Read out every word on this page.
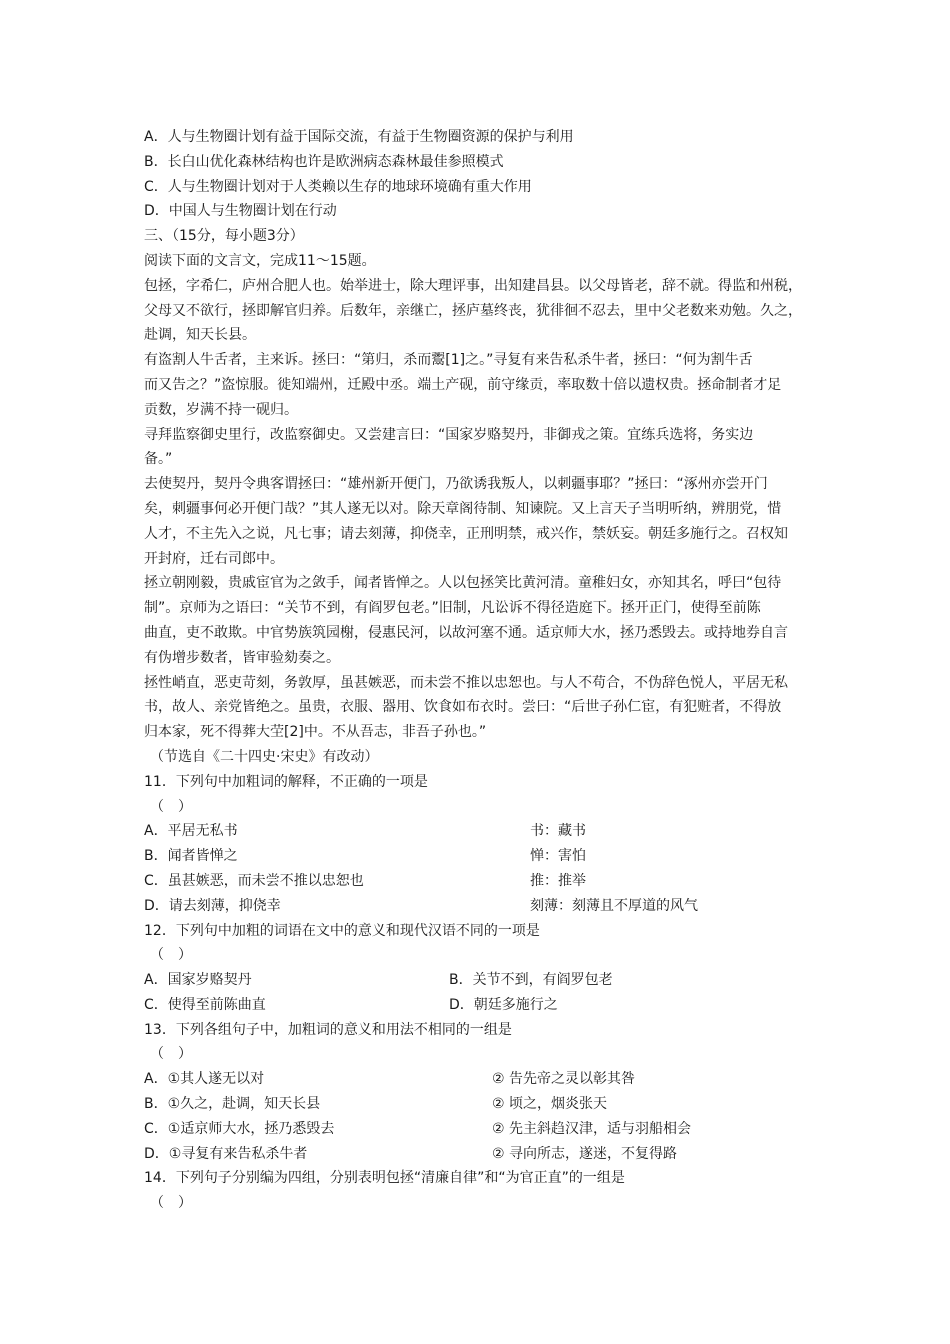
A．人与生物圈计划有益于国际交流，有益于生物圈资源的保护与利用
B．长白山优化森林结构也许是欧洲病态森林最佳参照模式
C．人与生物圈计划对于人类赖以生存的地球环境确有重大作用
D．中国人与生物圈计划在行动
三、（15分，每小题3分）
阅读下面的文言文，完成11～15题。
包拯，字希仁，庐州合肥人也。始举进士，除大理评事，出知建昌县。以父母皆老，辞不就。得监和州税，
父母又不欲行，拯即解官归养。后数年，亲继亡，拯庐墓终丧，犹徘徊不忍去，里中父老数来劝勉。久之，
赴调，知天长县。
有盗割人牛舌者，主来诉。拯曰：“第归，杀而鬻[1]之。”寻复有来告私杀牛者，拯曰：“何为割牛舌
而又告之？”盗惊服。徙知端州，迁殿中丞。端土产砚，前守缘贡，率取数十倍以遗权贵。拯命制者才足
贡数，岁满不持一砚归。
寻拜监察御史里行，改监察御史。又尝建言曰：“国家岁赂契丹，非御戎之策。宜练兵选将，务实边
备。”
去使契丹，契丹令典客谓拯曰：“雄州新开便门，乃欲诱我叛人，以刺疆事耶？”拯曰：“涿州亦尝开门
矣，刺疆事何必开便门哉？”其人遂无以对。除天章阁待制、知谏院。又上言天子当明听纳，辨朋党，惜
人才，不主先入之说，凡七事；请去刻薄，抑侥幸，正刑明禁，戒兴作，禁妖妄。朝廷多施行之。召权知
开封府，迁右司郎中。
拯立朝刚毅，贵戚宦官为之敛手，闻者皆惮之。人以包拯笑比黄河清。童稚妇女，亦知其名，呼曰“包待
制”。京师为之语曰：“关节不到，有阎罗包老。”旧制，凡讼诉不得径造庭下。拯开正门，使得至前陈
曲直，吏不敢欺。中官势族筑园榭，侵惠民河，以故河塞不通。适京师大水，拯乃悉毁去。或持地券自言
有伪增步数者，皆审验劾奏之。
拯性峭直，恶吏苛刻，务敦厚，虽甚嫉恶，而未尝不推以忠恕也。与人不苟合，不伪辞色悦人，平居无私
书，故人、亲党皆绝之。虽贵，衣服、器用、饮食如布衣时。尝曰：“后世子孙仁宦，有犯赃者，不得放
归本家，死不得葬大茔[2]中。不从吾志，非吾子孙也。”
（节选自《二十四史·宋史》有改动）
11．下列句中加粗词的解释，不正确的一项是
（　）
A．平居无私书	书：藏书
B．闻者皆惮之	惮：害怕
C．虽甚嫉恶，而未尝不推以忠恕也	推：推举
D．请去刻薄，抑侥幸	刻薄：刻薄且不厚道的风气
12．下列句中加粗的词语在文中的意义和现代汉语不同的一项是
（　）
A．国家岁赂契丹	B．关节不到，有阎罗包老
C．使得至前陈曲直	D．朝廷多施行之
13．下列各组句子中，加粗词的意义和用法不相同的一组是
（　）
A．①其人遂无以对	② 告先帝之灵以彰其咎
B．①久之，赴调，知天长县	② 顷之，烟炎张天
C．①适京师大水，拯乃悉毁去	② 先主斜趋汉津，适与羽船相会
D．①寻复有来告私杀牛者	② 寻向所志，遂迷，不复得路
14．下列句子分别编为四组，分别表明包拯“清廉自律”和“为官正直”的一组是
（　）
